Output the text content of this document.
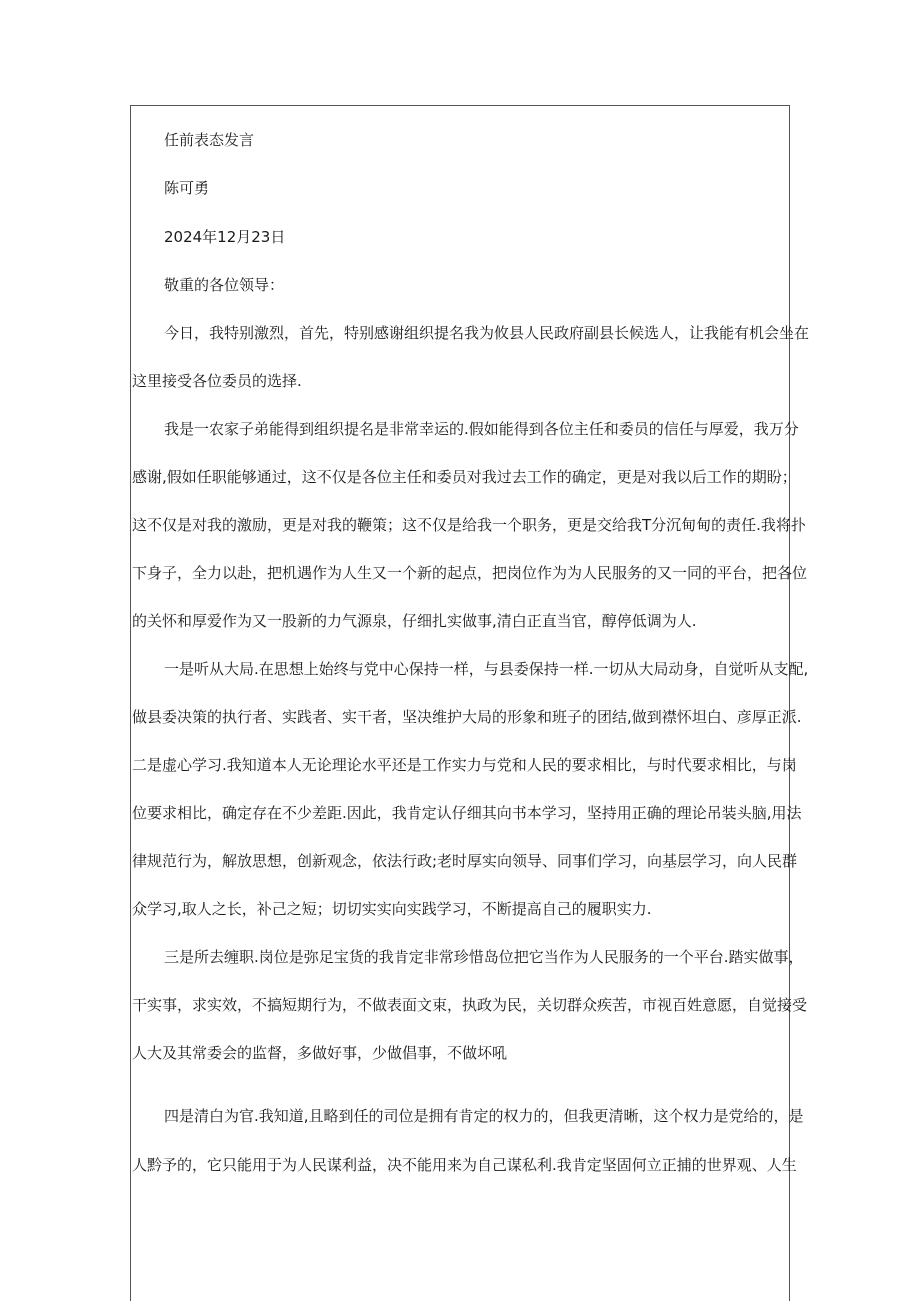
任前表态发言
陈可勇
2024年12月23日
敬重的各位领导：
今日，我特别激烈，首先，特别感谢组织提名我为攸县人民政府副县长候选人，让我能有机会坐在
这里接受各位委员的选择.
我是一农家子弟能得到组织提名是非常幸运的.假如能得到各位主任和委员的信任与厚爱，我万分
感谢,假如任职能够通过，这不仅是各位主任和委员对我过去工作的确定，更是对我以后工作的期盼；
这不仅是对我的激励，更是对我的鞭策；这不仅是给我一个职务，更是交给我T分沉甸甸的责任.我将扑
下身子，全力以赴，把机遇作为人生又一个新的起点，把岗位作为为人民服务的又一同的平台，把各位
的关怀和厚爱作为又一股新的力气源泉，仔细扎实做事,清白正直当官，醇停低调为人.
一是听从大局.在思想上始终与党中心保持一样，与县委保持一样.一切从大局动身，自觉听从支配,
做县委决策的执行者、实践者、实干者，坚决维护大局的形象和班子的团结,做到襟怀坦白、彦厚正派.
二是虚心学习.我知道本人无论理论水平还是工作实力与党和人民的要求相比，与时代要求相比，与岗
位要求相比，确定存在不少差距.因此，我肯定认仔细其向书本学习，坚持用正确的理论吊装头脑,用法
律规范行为，解放思想，创新观念，依法行政;老时厚实向领导、同事们学习，向基层学习，向人民群
众学习,取人之长，补己之短；切切实实向实践学习，不断提高自己的履职实力.
三是所去缠职.岗位是弥足宝货的我肯定非常珍惜岛位把它当作为人民服务的一个平台.踏实做事，
干实事，求实效，不搞短期行为，不做表面文束，执政为民，关切群众疾苦，市视百姓意愿，自觉接受
人大及其常委会的监督，多做好事，少做倡事，不做坏吼
四是清白为官.我知道,且略到任的司位是拥有肯定的权力的，但我更清晰，这个权力是党给的，是
人黔予的，它只能用于为人民谋利益，决不能用来为自己谋私利.我肯定坚固何立正捕的世界观、人生
